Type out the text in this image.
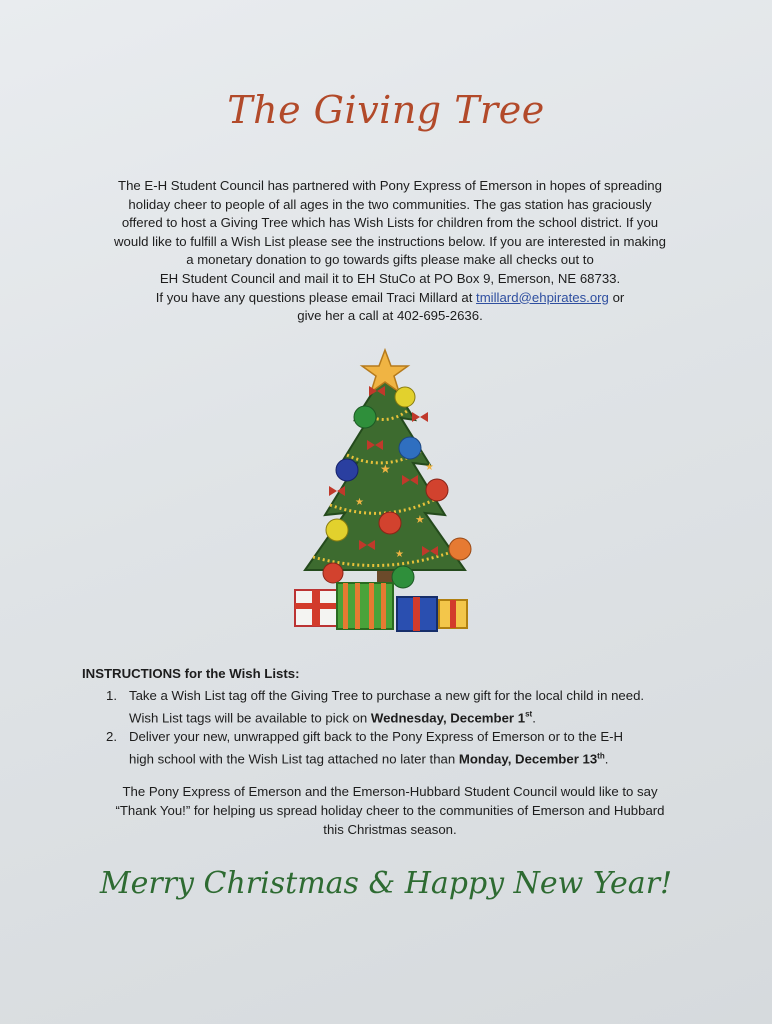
The Giving Tree
The E-H Student Council has partnered with Pony Express of Emerson in hopes of spreading
holiday cheer to people of all ages in the two communities. The gas station has graciously
offered to host a Giving Tree which has Wish Lists for children from the school district. If you
would like to fulfill a Wish List please see the instructions below. If you are interested in making
a monetary donation to go towards gifts please make all checks out to
EH Student Council and mail it to EH StuCo at PO Box 9, Emerson, NE 68733.
If you have any questions please email Traci Millard at tmillard@ehpirates.org or
give her a call at 402-695-2636.
★	★
★
★
★
INSTRUCTIONS for the Wish Lists:
1. Take a Wish List tag off the Giving Tree to purchase a new gift for the local child in need.
Wish List tags will be available to pick on Wednesday, December 1st.
2. Deliver your new, unwrapped gift back to the Pony Express of Emerson or to the E-H
high school with the Wish List tag attached no later than Monday, December 13th.
The Pony Express of Emerson and the Emerson-Hubbard Student Council would like to say
“Thank You!” for helping us spread holiday cheer to the communities of Emerson and Hubbard
this Christmas season.
Merry Christmas & Happy New Year!
